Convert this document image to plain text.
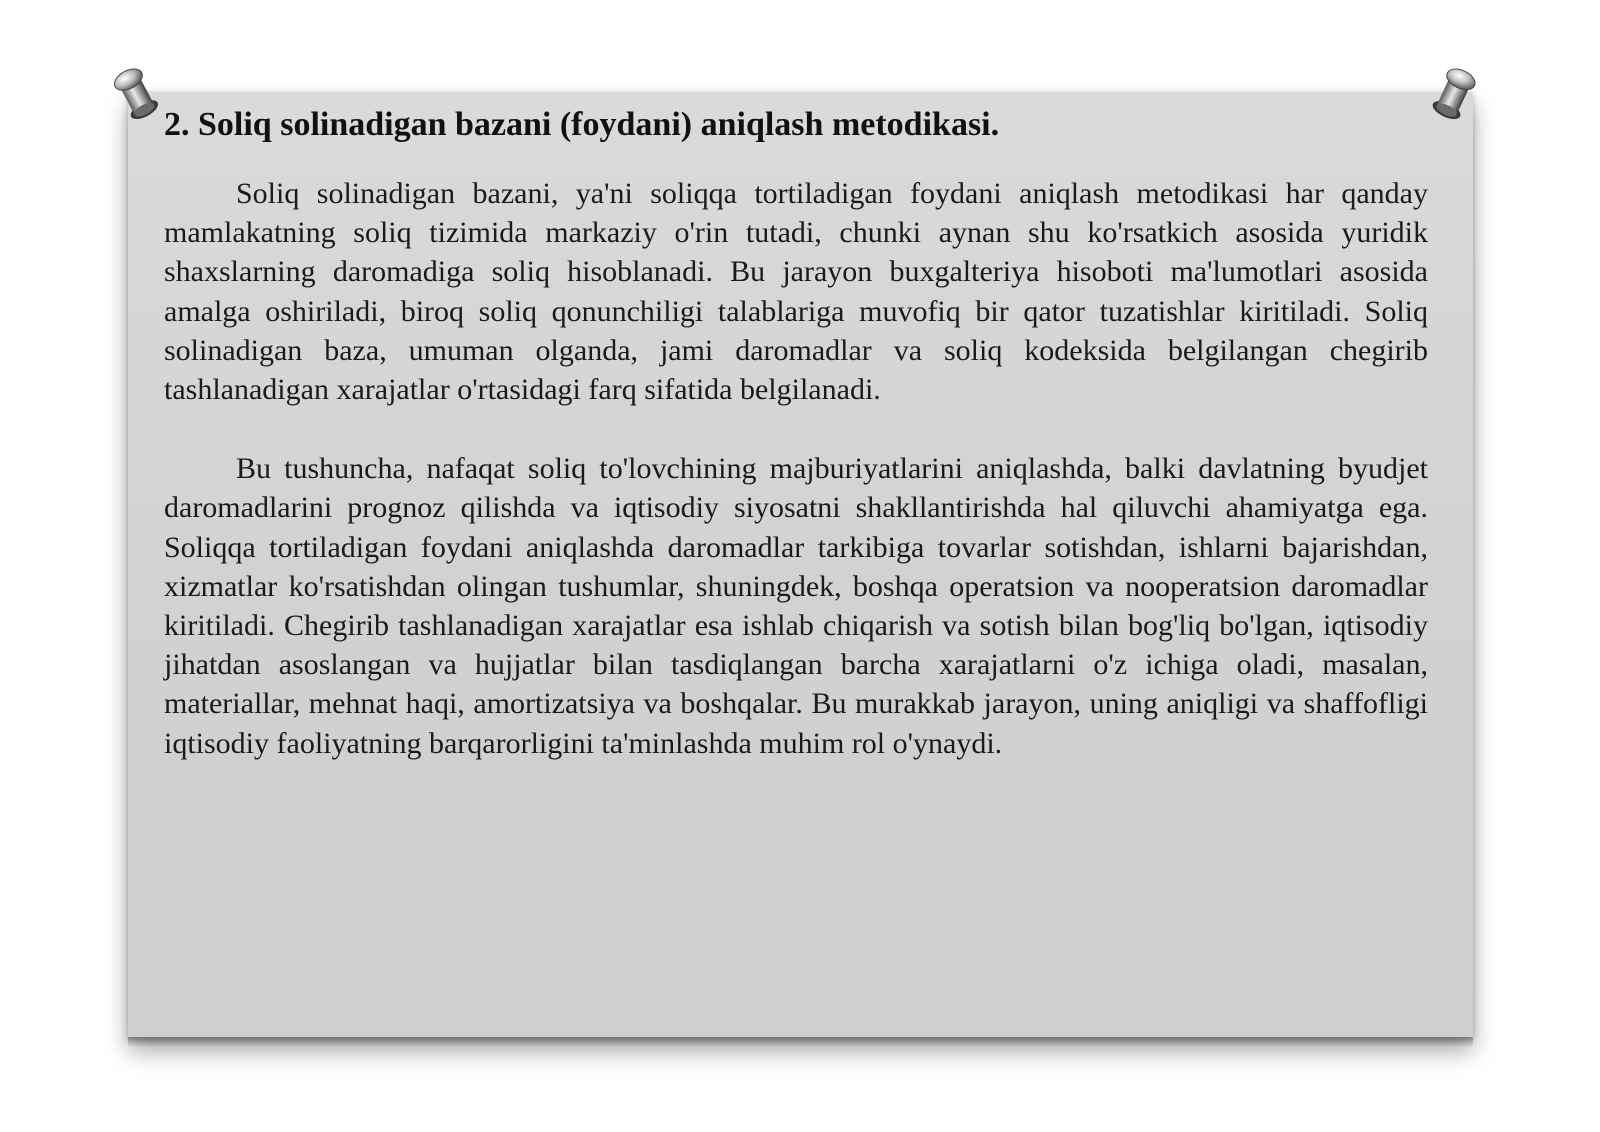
2. Soliq solinadigan bazani (foydani) aniqlash metodikasi.

Soliq solinadigan bazani, ya'ni soliqqa tortiladigan foydani aniqlash metodikasi har qanday mamlakatning soliq tizimida markaziy o'rin tutadi, chunki aynan shu ko'rsatkich asosida yuridik shaxslarning daromadiga soliq hisoblanadi. Bu jarayon buxgalteriya hisoboti ma'lumotlari asosida amalga oshiriladi, biroq soliq qonunchiligi talablariga muvofiq bir qator tuzatishlar kiritiladi. Soliq solinadigan baza, umuman olganda, jami daromadlar va soliq kodeksida belgilangan chegirib tashlanadigan xarajatlar o'rtasidagi farq sifatida belgilanadi.

Bu tushuncha, nafaqat soliq to'lovchining majburiyatlarini aniqlashda, balki davlatning byudjet daromadlarini prognoz qilishda va iqtisodiy siyosatni shakllantirishda hal qiluvchi ahamiyatga ega. Soliqqa tortiladigan foydani aniqlashda daromadlar tarkibiga tovarlar sotishdan, ishlarni bajarishdan, xizmatlar ko'rsatishdan olingan tushumlar, shuningdek, boshqa operatsion va nooperatsion daromadlar kiritiladi. Chegirib tashlanadigan xarajatlar esa ishlab chiqarish va sotish bilan bog'liq bo'lgan, iqtisodiy jihatdan asoslangan va hujjatlar bilan tasdiqlangan barcha xarajatlarni o'z ichiga oladi, masalan, materiallar, mehnat haqi, amortizatsiya va boshqalar. Bu murakkab jarayon, uning aniqligi va shaffofligi iqtisodiy faoliyatning barqarorligini ta'minlashda muhim rol o'ynaydi.
